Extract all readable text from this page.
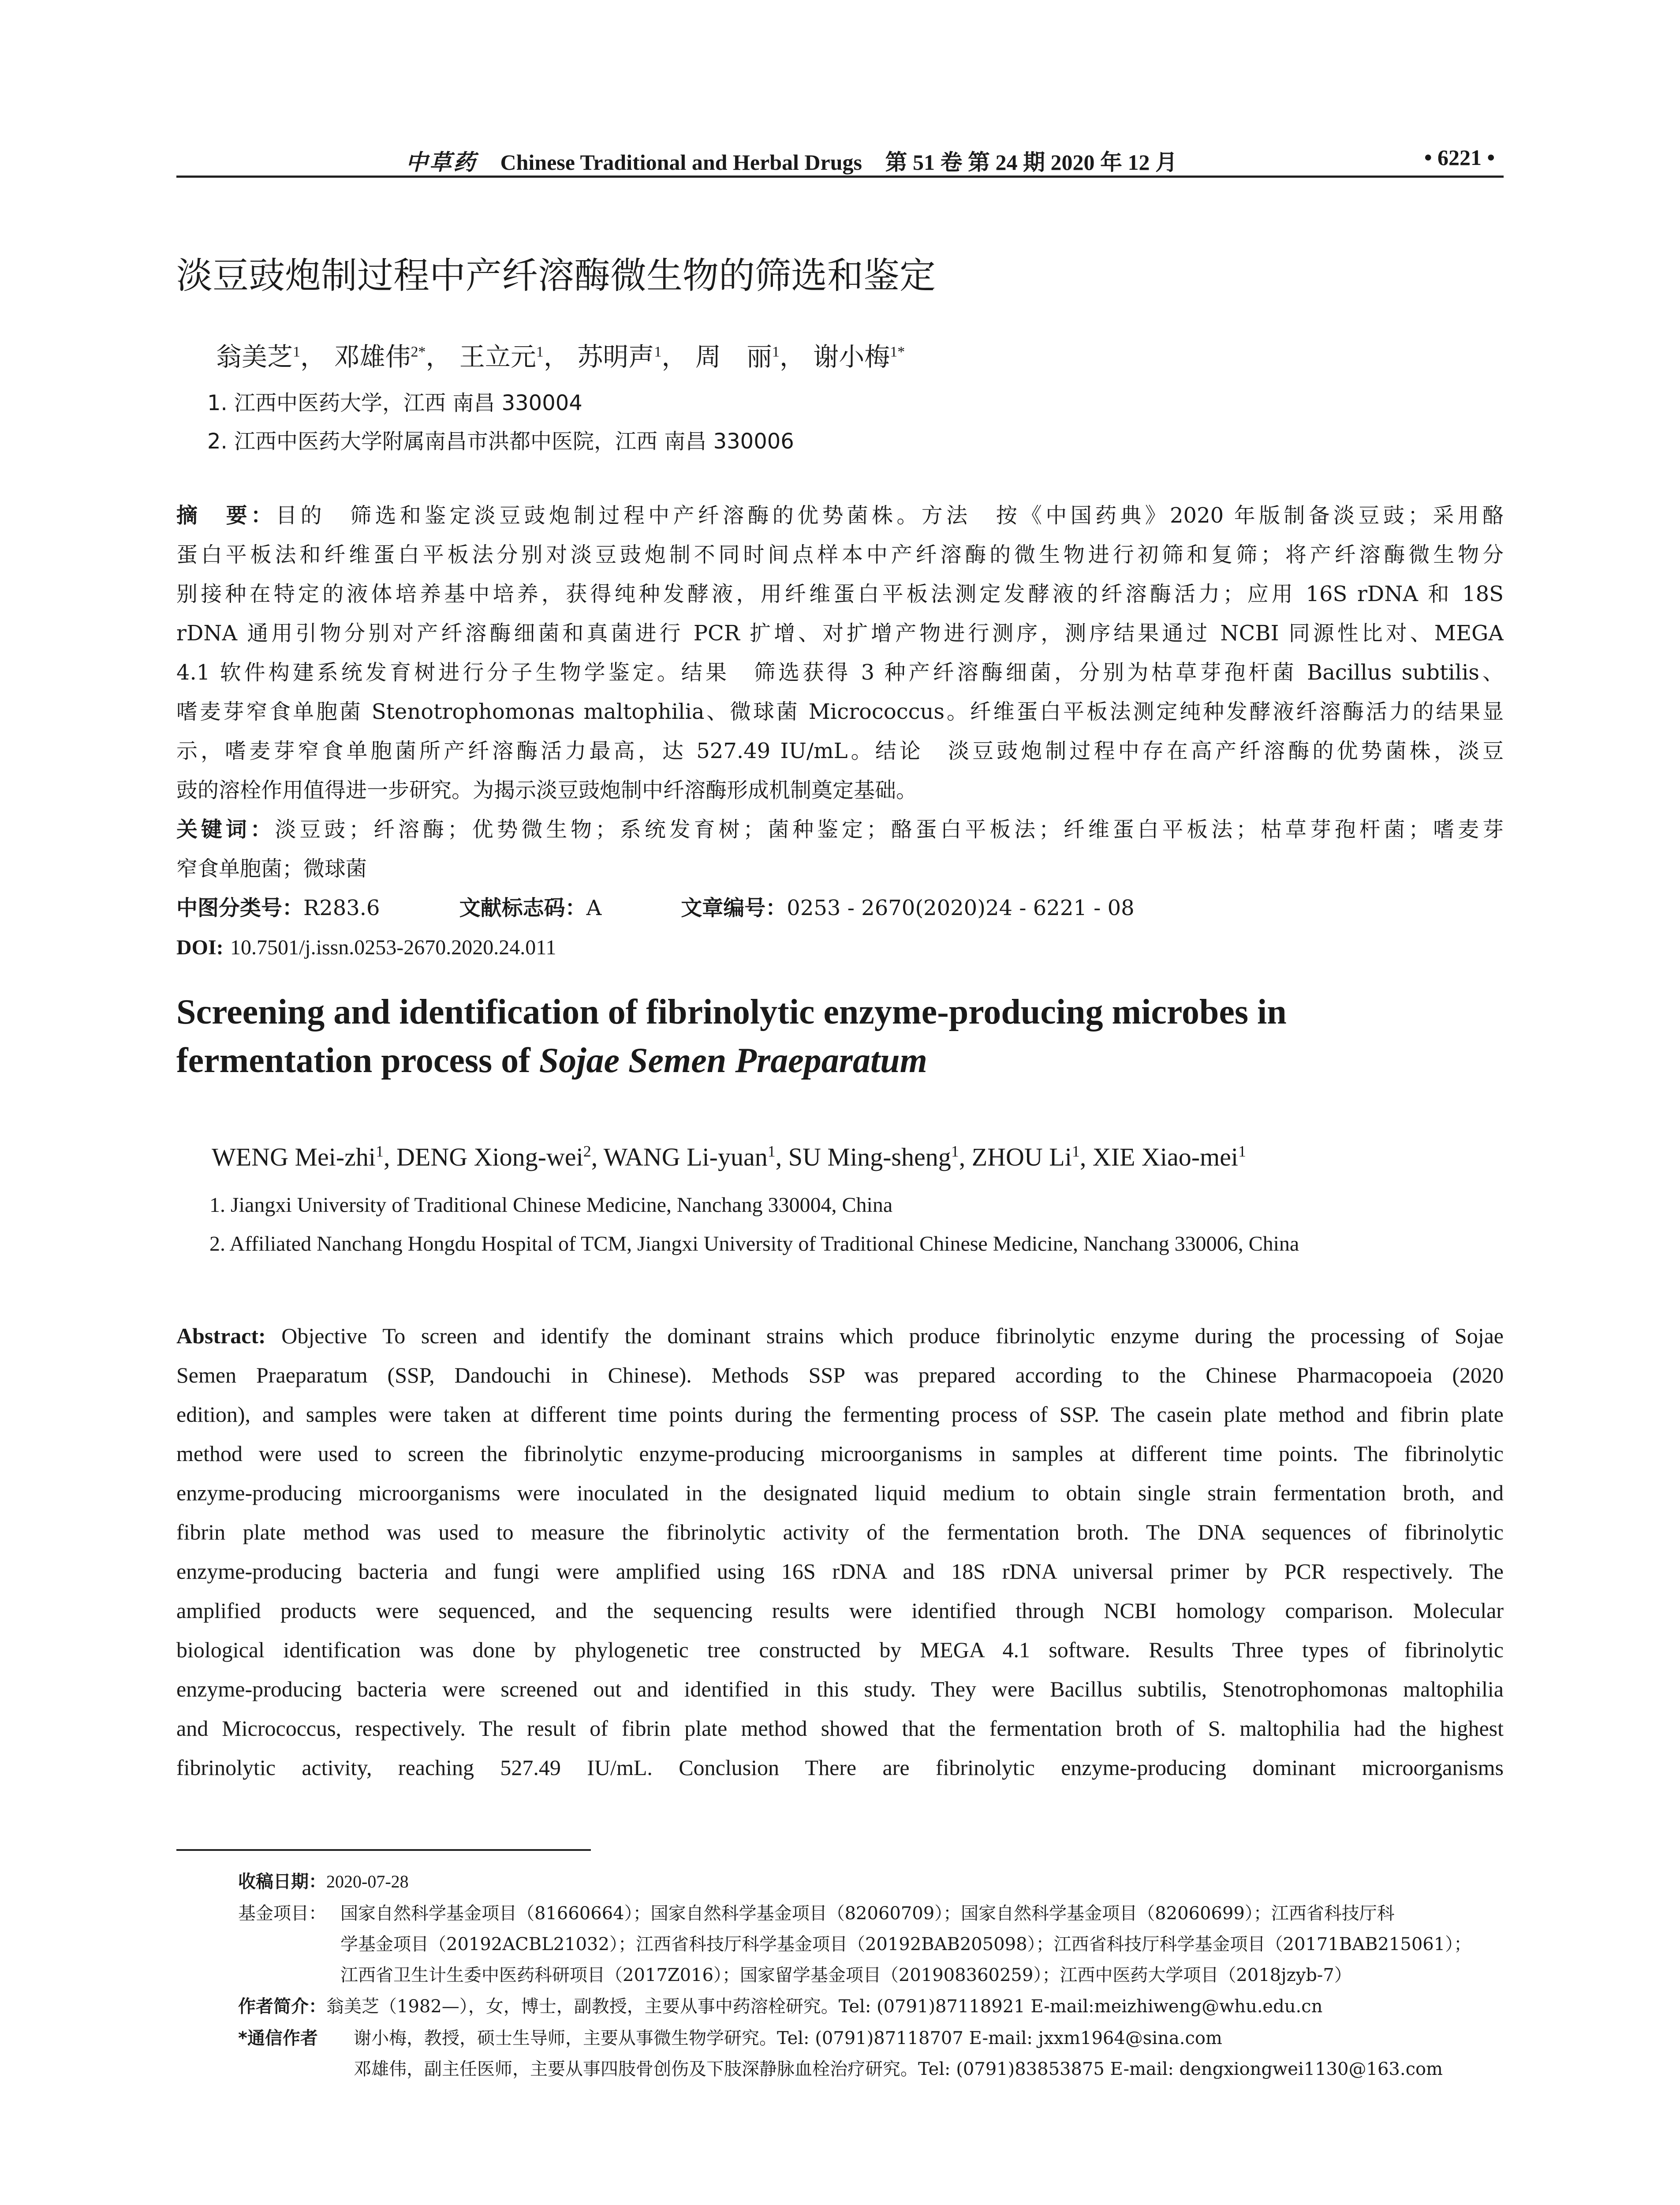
中草药 Chinese Traditional and Herbal Drugs 第 51 卷 第 24 期 2020 年 12 月	• 6221 •
淡豆豉炮制过程中产纤溶酶微生物的筛选和鉴定
翁美芝$^1$， 邓雄伟$^{2*}$， 王立元$^1$， 苏明声$^1$， 周　丽$^1$， 谢小梅$^{1*}$
1. 江西中医药大学，江西 南昌 330004
2. 江西中医药大学附属南昌市洪都中医院，江西 南昌 330006
摘　要：目的　筛选和鉴定淡豆豉炮制过程中产纤溶酶的优势菌株。方法　按《中国药典》2020 年版制备淡豆豉；采用酪
蛋白平板法和纤维蛋白平板法分别对淡豆豉炮制不同时间点样本中产纤溶酶的微生物进行初筛和复筛；将产纤溶酶微生物分
别接种在特定的液体培养基中培养，获得纯种发酵液，用纤维蛋白平板法测定发酵液的纤溶酶活力；应用 16S rDNA 和 18S
rDNA 通用引物分别对产纤溶酶细菌和真菌进行 PCR 扩增、对扩增产物进行测序，测序结果通过 NCBI 同源性比对、MEGA
4.1 软件构建系统发育树进行分子生物学鉴定。结果　筛选获得 3 种产纤溶酶细菌，分别为枯草芽孢杆菌 Bacillus subtilis、
嗜麦芽窄食单胞菌 Stenotrophomonas maltophilia、微球菌 Micrococcus。纤维蛋白平板法测定纯种发酵液纤溶酶活力的结果显
示，嗜麦芽窄食单胞菌所产纤溶酶活力最高，达 527.49 IU/mL。结论　淡豆豉炮制过程中存在高产纤溶酶的优势菌株，淡豆
豉的溶栓作用值得进一步研究。为揭示淡豆豉炮制中纤溶酶形成机制奠定基础。
关键词：淡豆豉；纤溶酶；优势微生物；系统发育树；菌种鉴定；酪蛋白平板法；纤维蛋白平板法；枯草芽孢杆菌；嗜麦芽
窄食单胞菌；微球菌
中图分类号：R283.6	文献标志码：A	文章编号：0253 - 2670(2020)24 - 6221 - 08
DOI: 10.7501/j.issn.0253-2670.2020.24.011
Screening and identification of fibrinolytic enzyme-producing microbes in
fermentation process of Sojae Semen Praeparatum
WENG Mei-zhi$^1$, DENG Xiong-wei$^2$, WANG Li-yuan$^1$, SU Ming-sheng$^1$, ZHOU Li$^1$, XIE Xiao-mei$^1$
1. Jiangxi University of Traditional Chinese Medicine, Nanchang 330004, China
2. Affiliated Nanchang Hongdu Hospital of TCM, Jiangxi University of Traditional Chinese Medicine, Nanchang 330006, China
Abstract: Objective To screen and identify the dominant strains which produce fibrinolytic enzyme during the processing of Sojae
Semen Praeparatum (SSP, Dandouchi in Chinese). Methods SSP was prepared according to the Chinese Pharmacopoeia (2020
edition), and samples were taken at different time points during the fermenting process of SSP. The casein plate method and fibrin plate
method were used to screen the fibrinolytic enzyme-producing microorganisms in samples at different time points. The fibrinolytic
enzyme-producing microorganisms were inoculated in the designated liquid medium to obtain single strain fermentation broth, and
fibrin plate method was used to measure the fibrinolytic activity of the fermentation broth. The DNA sequences of fibrinolytic
enzyme-producing bacteria and fungi were amplified using 16S rDNA and 18S rDNA universal primer by PCR respectively. The
amplified products were sequenced, and the sequencing results were identified through NCBI homology comparison. Molecular
biological identification was done by phylogenetic tree constructed by MEGA 4.1 software. Results Three types of fibrinolytic
enzyme-producing bacteria were screened out and identified in this study. They were Bacillus subtilis, Stenotrophomonas maltophilia
and Micrococcus, respectively. The result of fibrin plate method showed that the fermentation broth of S. maltophilia had the highest
fibrinolytic activity, reaching 527.49 IU/mL. Conclusion There are fibrinolytic enzyme-producing dominant microorganisms
收稿日期：2020-07-28
基金项目： 国家自然科学基金项目（81660664）；国家自然科学基金项目（82060709）；国家自然科学基金项目（82060699）；江西省科技厅科
学基金项目（20192ACBL21032）；江西省科技厅科学基金项目（20192BAB205098）；江西省科技厅科学基金项目（20171BAB215061）；
江西省卫生计生委中医药科研项目（2017Z016）；国家留学基金项目（201908360259）；江西中医药大学项目（2018jzyb-7）
作者简介：翁美芝（1982—），女，博士，副教授，主要从事中药溶栓研究。Tel: (0791)87118921 E-mail:meizhiweng@whu.edu.cn
*通信作者 谢小梅，教授，硕士生导师，主要从事微生物学研究。Tel: (0791)87118707 E-mail: jxxm1964@sina.com
邓雄伟，副主任医师，主要从事四肢骨创伤及下肢深静脉血栓治疗研究。Tel: (0791)83853875 E-mail: dengxiongwei1130@163.com
